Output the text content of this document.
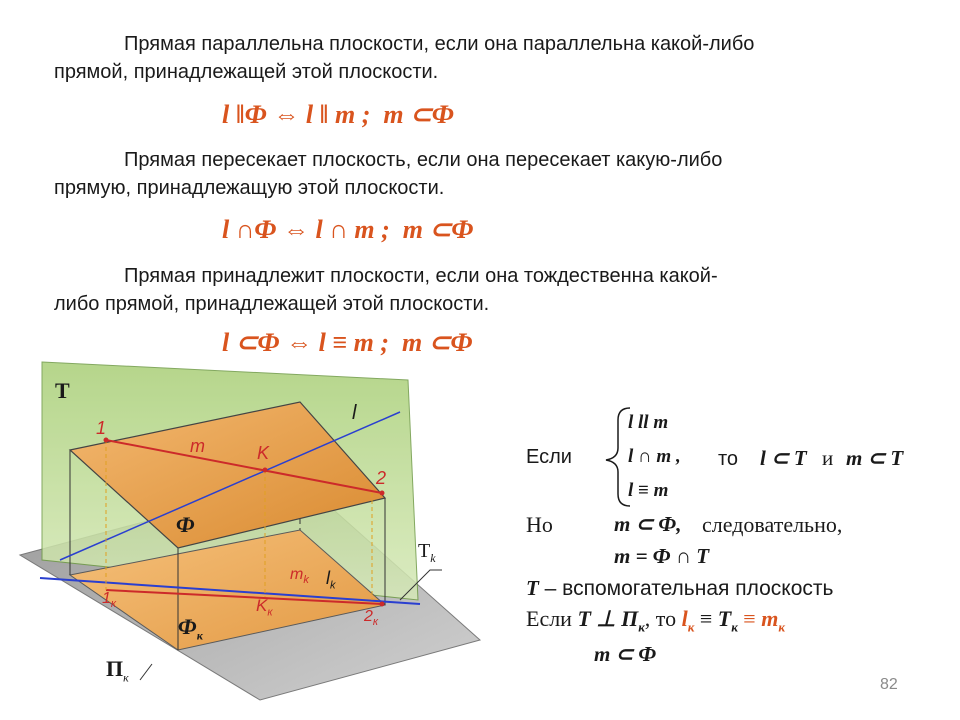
Прямая параллельна плоскости, если она параллельна какой-либо
прямой, принадлежащей этой плоскости.
l ‖Ф ⇔ l ‖ m ;  m ⊂Ф
Прямая пересекает плоскость, если она пересекает какую-либо
прямую, принадлежащую этой плоскости.
l ∩Ф ⇔ l ∩ m ;  m ⊂Ф
Прямая принадлежит плоскости, если она тождественна какой-
либо прямой, принадлежащей этой плоскости.
l ⊂Ф ⇔ l ≡ m ;  m ⊂Ф
T
1
m	K
l
2
Ф
$T_k$
$m_k$ $l_k$
$1_к$	$K_к$	$2_к$
$Ф_к$
$П_к$
Если
l ll m
l ∩ m ,
l ≡ m
то l ⊂ T и m ⊂ T
Но	m ⊂ Ф, следовательно,
m = Ф ∩ T
T – вспомогательная плоскость
Если T ⊥ $П_к$, то $l_к \equiv T_к \equiv m_к$
m ⊂ Ф
82
